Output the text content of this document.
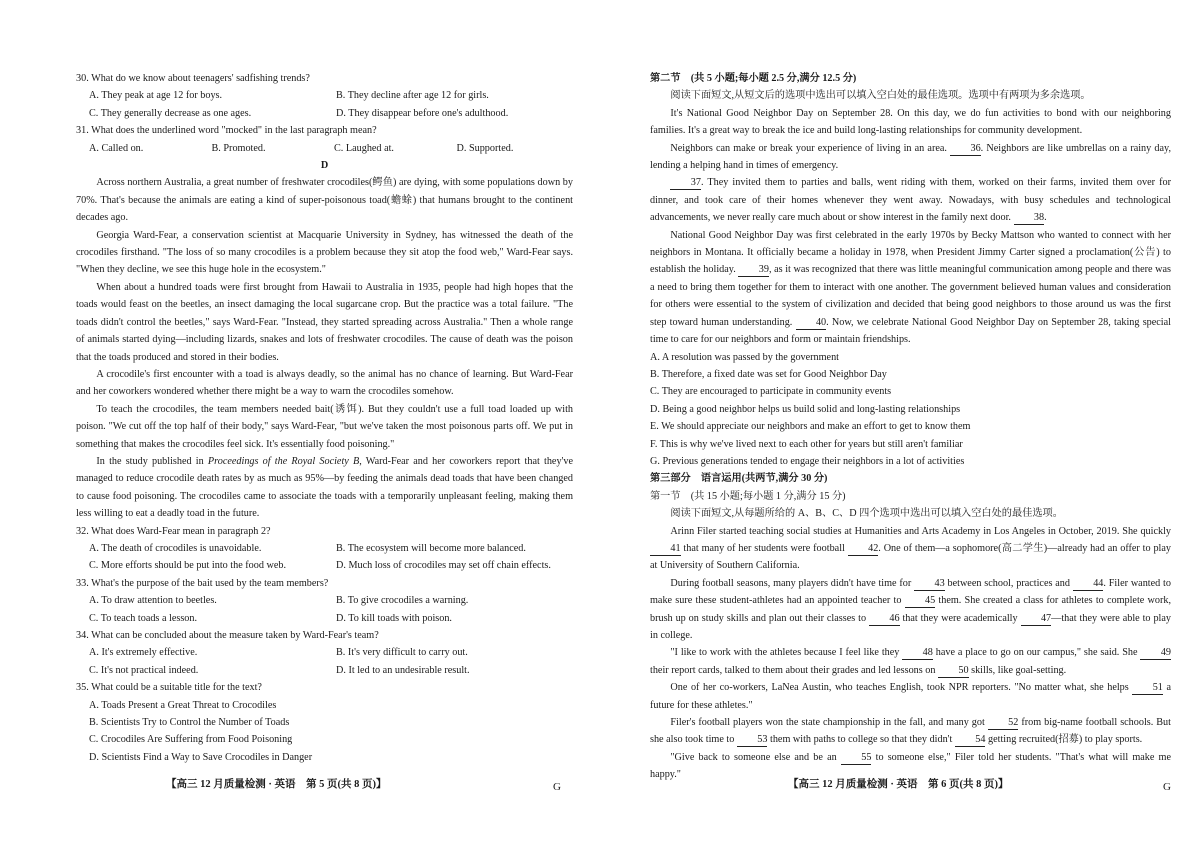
30. What do we know about teenagers' sadfishing trends?

A. They peak at age 12 for boys.	B. They decline after age 12 for girls.
C. They generally decrease as one ages.	D. They disappear before one's adulthood.

31. What does the underlined word "mocked" in the last paragraph mean?

A. Called on.	B. Promoted.	C. Laughed at.	D. Supported.

D

Across northern Australia, a great number of freshwater crocodiles(鳄鱼) are dying, with some populations down by 70%. That's because the animals are eating a kind of super-poisonous toad(蟾蜍) that humans brought to the continent decades ago.

Georgia Ward-Fear, a conservation scientist at Macquarie University in Sydney, has witnessed the death of the crocodiles firsthand. "The loss of so many crocodiles is a problem because they sit atop the food web," Ward-Fear says. "When they decline, we see this huge hole in the ecosystem."

When about a hundred toads were first brought from Hawaii to Australia in 1935, people had high hopes that the toads would feast on the beetles, an insect damaging the local sugarcane crop. But the practice was a total failure. "The toads didn't control the beetles," says Ward-Fear. "Instead, they started spreading across Australia." Then a whole range of animals started dying—including lizards, snakes and lots of freshwater crocodiles. The cause of death was the poison that the toads produced and stored in their bodies.

A crocodile's first encounter with a toad is always deadly, so the animal has no chance of learning. But Ward-Fear and her coworkers wondered whether there might be a way to warn the crocodiles somehow.

To teach the crocodiles, the team members needed bait(诱饵). But they couldn't use a full toad loaded up with poison. "We cut off the top half of their body," says Ward-Fear, "but we've taken the most poisonous parts off. We put in something that makes the crocodiles feel sick. It's essentially food poisoning."

In the study published in Proceedings of the Royal Society B, Ward-Fear and her coworkers report that they've managed to reduce crocodile death rates by as much as 95%—by feeding the animals dead toads that have been changed to cause food poisoning. The crocodiles came to associate the toads with a temporarily unpleasant feeling, making them less willing to eat a deadly toad in the future.

32. What does Ward-Fear mean in paragraph 2?

A. The death of crocodiles is unavoidable.	B. The ecosystem will become more balanced.
C. More efforts should be put into the food web.	D. Much loss of crocodiles may set off chain effects.

33. What's the purpose of the bait used by the team members?

A. To draw attention to beetles.	B. To give crocodiles a warning.
C. To teach toads a lesson.	D. To kill toads with poison.

34. What can be concluded about the measure taken by Ward-Fear's team?

A. It's extremely effective.	B. It's very difficult to carry out.
C. It's not practical indeed.	D. It led to an undesirable result.

35. What could be a suitable title for the text?

A. Toads Present a Great Threat to Crocodiles
B. Scientists Try to Control the Number of Toads
C. Crocodiles Are Suffering from Food Poisoning
D. Scientists Find a Way to Save Crocodiles in Danger
【高三 12 月质量检测 · 英语　第 5 页(共 8 页)】	G

第二节　(共 5 小题;每小题 2.5 分,满分 12.5 分)

阅读下面短文,从短文后的选项中选出可以填入空白处的最佳选项。选项中有两项为多余选项。

It's National Good Neighbor Day on September 28. On this day, we do fun activities to bond with our neighboring families. It's a great way to break the ice and build long-lasting relationships for community development.

Neighbors can make or break your experience of living in an area. 36. Neighbors are like umbrellas on a rainy day, lending a helping hand in times of emergency.

37. They invited them to parties and balls, went riding with them, worked on their farms, invited them over for dinner, and took care of their homes whenever they went away. Nowadays, with busy schedules and technological advancements, we never really care much about or show interest in the family next door. 38.

National Good Neighbor Day was first celebrated in the early 1970s by Becky Mattson who wanted to connect with her neighbors in Montana. It officially became a holiday in 1978, when President Jimmy Carter signed a proclamation(公告) to establish the holiday. 39, as it was recognized that there was little meaningful communication among people and there was a need to bring them together for them to interact with one another. The government believed human values and consideration for others were essential to the system of civilization and decided that being good neighbors to those around us was the first step toward human understanding. 40. Now, we celebrate National Good Neighbor Day on September 28, taking special time to care for our neighbors and form or maintain friendships.

A. A resolution was passed by the government
B. Therefore, a fixed date was set for Good Neighbor Day
C. They are encouraged to participate in community events
D. Being a good neighbor helps us build solid and long-lasting relationships
E. We should appreciate our neighbors and make an effort to get to know them
F. This is why we've lived next to each other for years but still aren't familiar
G. Previous generations tended to engage their neighbors in a lot of activities

第三部分　语言运用(共两节,满分 30 分)

第一节　(共 15 小题;每小题 1 分,满分 15 分)

阅读下面短文,从每题所给的 A、B、C、D 四个选项中选出可以填入空白处的最佳选项。

Arinn Filer started teaching social studies at Humanities and Arts Academy in Los Angeles in October, 2019. She quickly 41 that many of her students were football 42. One of them—a sophomore(高二学生)—already had an offer to play at University of Southern California.

During football seasons, many players didn't have time for 43 between school, practices and 44. Filer wanted to make sure these student-athletes had an appointed teacher to 45 them. She created a class for athletes to complete work, brush up on study skills and plan out their classes to 46 that they were academically 47—that they were able to play in college.

"I like to work with the athletes because I feel like they 48 have a place to go on our campus," she said. She 49 their report cards, talked to them about their grades and led lessons on 50 skills, like goal-setting.

One of her co-workers, LaNea Austin, who teaches English, took NPR reporters. "No matter what, she helps 51 a future for these athletes."

Filer's football players won the state championship in the fall, and many got 52 from big-name football schools. But she also took time to 53 them with paths to college so that they didn't 54 getting recruited(招募) to play sports.

"Give back to someone else and be an 55 to someone else," Filer told her students. "That's what will make me happy."

【高三 12 月质量检测 · 英语　第 6 页(共 8 页)】	G
